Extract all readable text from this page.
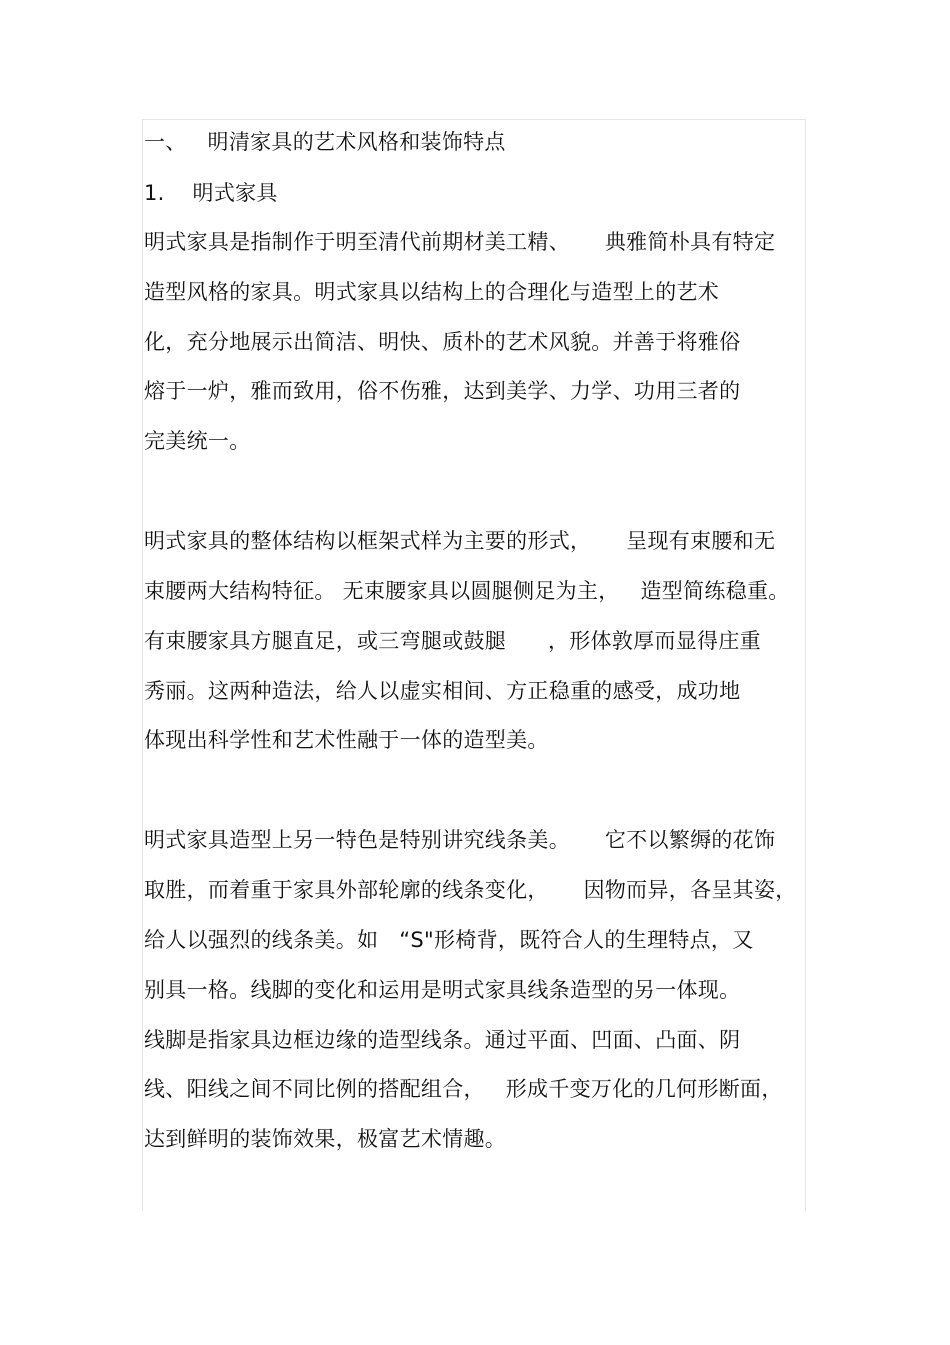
一、   明清家具的艺术风格和装饰特点
1.    明式家具
明式家具是指制作于明至清代前期材美工精、     典雅简朴具有特定
造型风格的家具。明式家具以结构上的合理化与造型上的艺术
化，充分地展示出简洁、明快、质朴的艺术风貌。并善于将雅俗
熔于一炉，雅而致用，俗不伤雅，达到美学、力学、功用三者的
完美统一。
明式家具的整体结构以框架式样为主要的形式，     呈现有束腰和无
束腰两大结构特征。 无束腰家具以圆腿侧足为主，   造型简练稳重。
有束腰家具方腿直足，或三弯腿或鼓腿      ，形体敦厚而显得庄重
秀丽。这两种造法，给人以虚实相间、方正稳重的感受，成功地
体现出科学性和艺术性融于一体的造型美。
明式家具造型上另一特色是特别讲究线条美。     它不以繁缛的花饰
取胜，而着重于家具外部轮廓的线条变化，     因物而异，各呈其姿，
给人以强烈的线条美。如   “S"形椅背，既符合人的生理特点，又
别具一格。线脚的变化和运用是明式家具线条造型的另一体现。
线脚是指家具边框边缘的造型线条。通过平面、凹面、凸面、阴
线、阳线之间不同比例的搭配组合，   形成千变万化的几何形断面，
达到鲜明的装饰效果，极富艺术情趣。
